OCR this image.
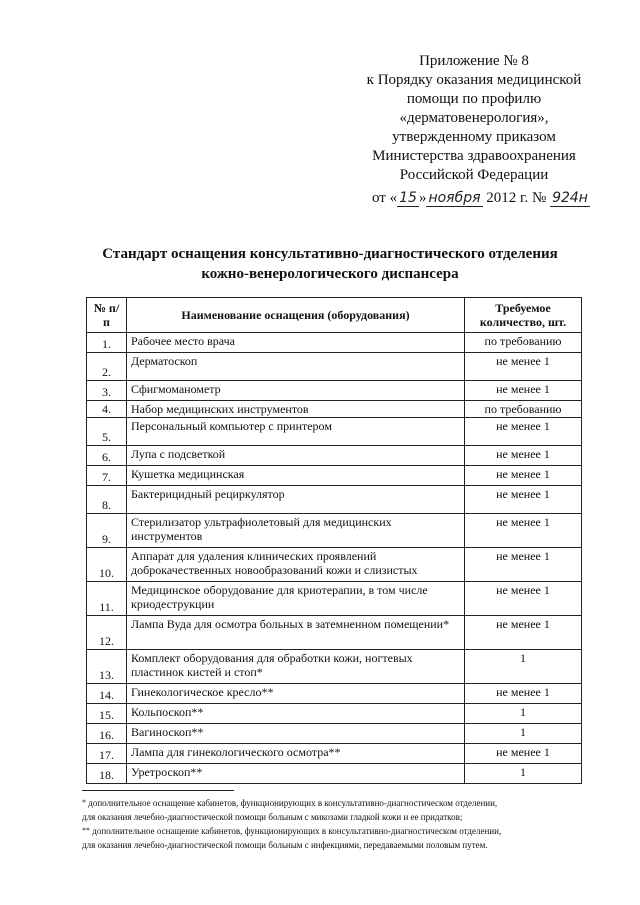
Приложение № 8
к Порядку оказания медицинской
помощи по профилю
«дерматовенерология»,
утвержденному приказом
Министерства здравоохранения
Российской Федерации
от « 15 » ноября 2012 г. № 924н
Стандарт оснащения консультативно-диагностического отделения
кожно-венерологического диспансера
№ п/п	Наименование оснащения (оборудования)	Требуемое количество, шт.
1.	Рабочее место врача	по требованию
2.	Дерматоскоп	не менее 1
3.	Сфигмоманометр	не менее 1
4.	Набор медицинских инструментов	по требованию
5.	Персональный компьютер с принтером	не менее 1
6.	Лупа с подсветкой	не менее 1
7.	Кушетка медицинская	не менее 1
8.	Бактерицидный рециркулятор	не менее 1
9.	Стерилизатор ультрафиолетовый для медицинских инструментов	не менее 1
10.	Аппарат для удаления клинических проявлений доброкачественных новообразований кожи и слизистых	не менее 1
11.	Медицинское оборудование для криотерапии, в том числе криодеструкции	не менее 1
12.	Лампа Вуда для осмотра больных в затемненном помещении*	не менее 1
13.	Комплект оборудования для обработки кожи, ногтевых пластинок кистей и стоп*	1
14.	Гинекологическое кресло**	не менее 1
15.	Кольпоскоп**	1
16.	Вагиноскоп**	1
17.	Лампа для гинекологического осмотра**	не менее 1
18.	Уретроскоп**	1
* дополнительное оснащение кабинетов, функционирующих в консультативно-диагностическом отделении,
для оказания лечебно-диагностической помощи больным с микозами гладкой кожи и ее придатков;
** дополнительное оснащение кабинетов, функционирующих в консультативно-диагностическом отделении,
для оказания лечебно-диагностической помощи больным с инфекциями, передаваемыми половым путем.
